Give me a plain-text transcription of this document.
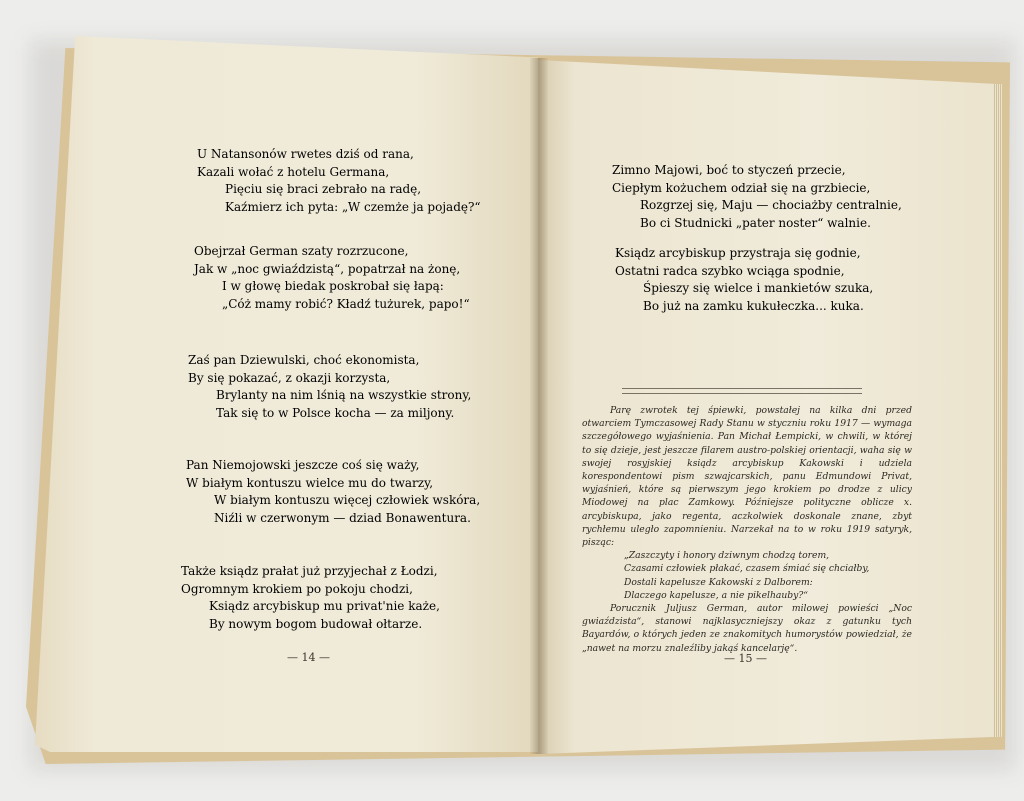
U Natansonów rwetes dziś od rana,
Kazali wołać z hotelu Germana,
Pięciu się braci zebrało na radę,
Kaźmierz ich pyta: „W czemże ja pojadę?“
Obejrzał German szaty rozrzucone,
Jak w „noc gwiaździstą“, popatrzał na żonę,
I w głowę biedak poskrobał się łapą:
„Cóż mamy robić? Kładź tużurek, papo!“
Zaś pan Dziewulski, choć ekonomista,
By się pokazać, z okazji korzysta,
Brylanty na nim lśnią na wszystkie strony,
Tak się to w Polsce kocha — za miljony.
Pan Niemojowski jeszcze coś się waży,
W białym kontuszu wielce mu do twarzy,
W białym kontuszu więcej człowiek wskóra,
Niźli w czerwonym — dziad Bonawentura.
Także ksiądz prałat już przyjechał z Łodzi,
Ogromnym krokiem po pokoju chodzi,
Ksiądz arcybiskup mu privat'nie każe,
By nowym bogom budował ołtarze.
— 14 —
Zimno Majowi, boć to styczeń przecie,
Ciepłym kożuchem odział się na grzbiecie,
Rozgrzej się, Maju — chociażby centralnie,
Bo ci Studnicki „pater noster“ walnie.
Ksiądz arcybiskup przystraja się godnie,
Ostatni radca szybko wciąga spodnie,
Śpieszy się wielce i mankietów szuka,
Bo już na zamku kukułeczka... kuka.

Parę zwrotek tej śpiewki, powstałej na kilka dni przed otwarciem Tymczasowej Rady Stanu w styczniu roku 1917 — wymaga szczegółowego wyjaśnienia. Pan Michał Łempicki, w chwili, w której to się dzieje, jest jeszcze filarem austro-polskiej orientacji, waha się w swojej rosyjskiej ksiądz arcybiskup Kakowski i udziela korespondentowi pism szwajcarskich, panu Edmundowi Privat, wyjaśnień, które są pierwszym jego krokiem po drodze z ulicy Miodowej na plac Zamkowy. Późniejsze polityczne oblicze x. arcybiskupa, jako regenta, aczkolwiek doskonale znane, zbyt rychłemu uległo zapomnieniu. Narzekał na to w roku 1919 satyryk, pisząc:

„Zaszczyty i honory dziwnym chodzą torem,

Czasami człowiek płakać, czasem śmiać się chciałby,

Dostali kapelusze Kakowski z Dalborem:

Dlaczego kapelusze, a nie pikelhauby?“

Porucznik Juljusz German, autor milowej powieści „Noc gwiaździsta“, stanowi najklasyczniejszy okaz z gatunku tych Bayardów, o których jeden ze znakomitych humorystów powiedział, że „nawet na morzu znaleźliby jakąś kancelarję“.

— 15 —
